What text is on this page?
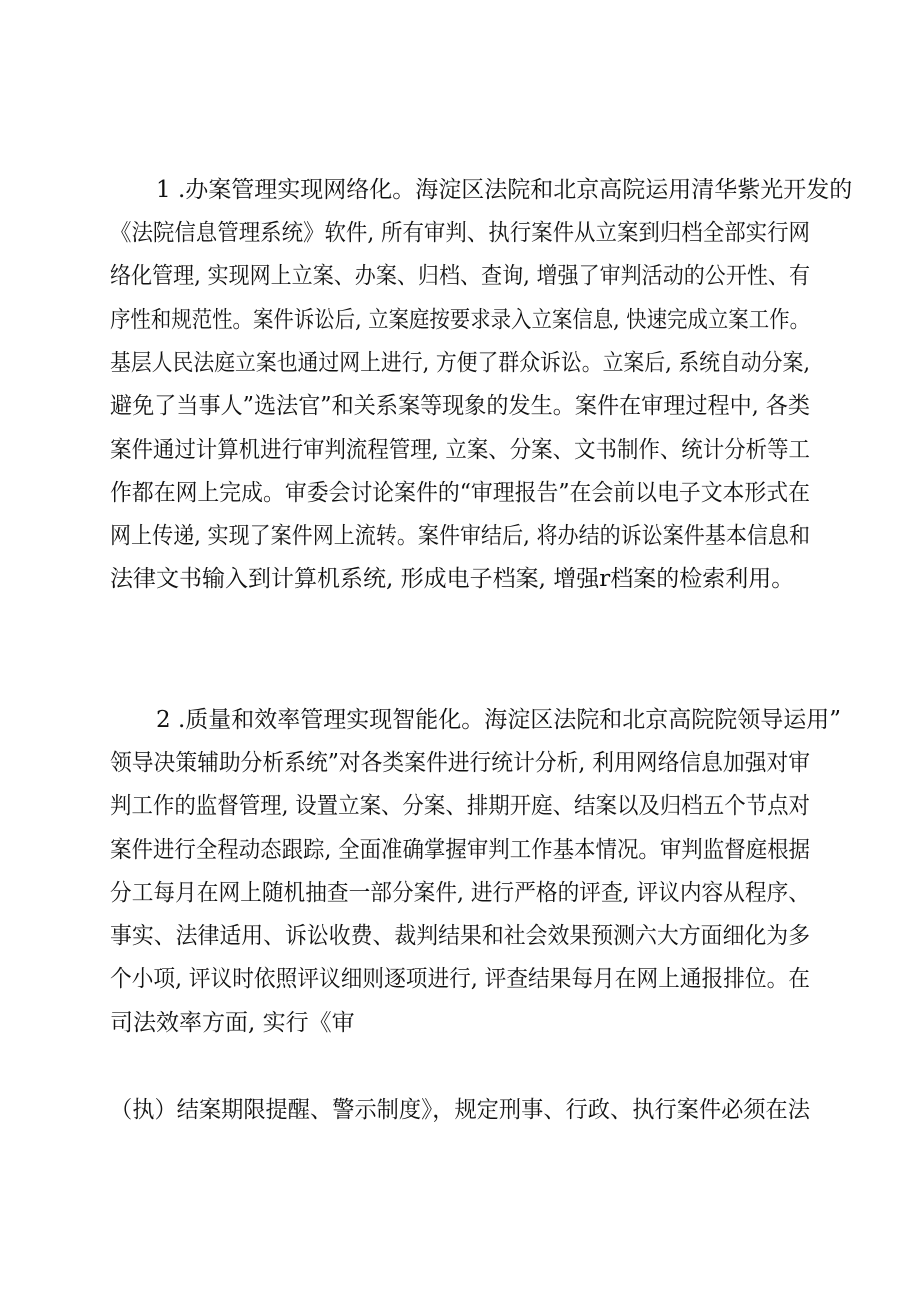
1 .办案管理实现网络化。海淀区法院和北京高院运用清华紫光开发的
《法院信息管理系统》软件, 所有审判、执行案件从立案到归档全部实行网
络化管理, 实现网上立案、办案、归档、查询, 增强了审判活动的公开性、有
序性和规范性。案件诉讼后, 立案庭按要求录入立案信息, 快速完成立案工作。
基层人民法庭立案也通过网上进行, 方便了群众诉讼。立案后, 系统自动分案,
避免了当事人”选法官”和关系案等现象的发生。案件在审理过程中, 各类
案件通过计算机进行审判流程管理, 立案、分案、文书制作、统计分析等工
作都在网上完成。审委会讨论案件的“审理报告”在会前以电子文本形式在
网上传递, 实现了案件网上流转。案件审结后, 将办结的诉讼案件基本信息和
法律文书输入到计算机系统, 形成电子档案, 增强r档案的检索利用。
2 .质量和效率管理实现智能化。海淀区法院和北京高院院领导运用”
领导决策辅助分析系统”对各类案件进行统计分析, 利用网络信息加强对审
判工作的监督管理, 设置立案、分案、排期开庭、结案以及归档五个节点对
案件进行全程动态跟踪, 全面准确掌握审判工作基本情况。审判监督庭根据
分工每月在网上随机抽查一部分案件, 进行严格的评查, 评议内容从程序、
事实、法律适用、诉讼收费、裁判结果和社会效果预测六大方面细化为多
个小项, 评议时依照评议细则逐项进行, 评查结果每月在网上通报排位。在
司法效率方面, 实行《审
（执）结案期限提醒、警示制度》，规定刑事、行政、执行案件必须在法
